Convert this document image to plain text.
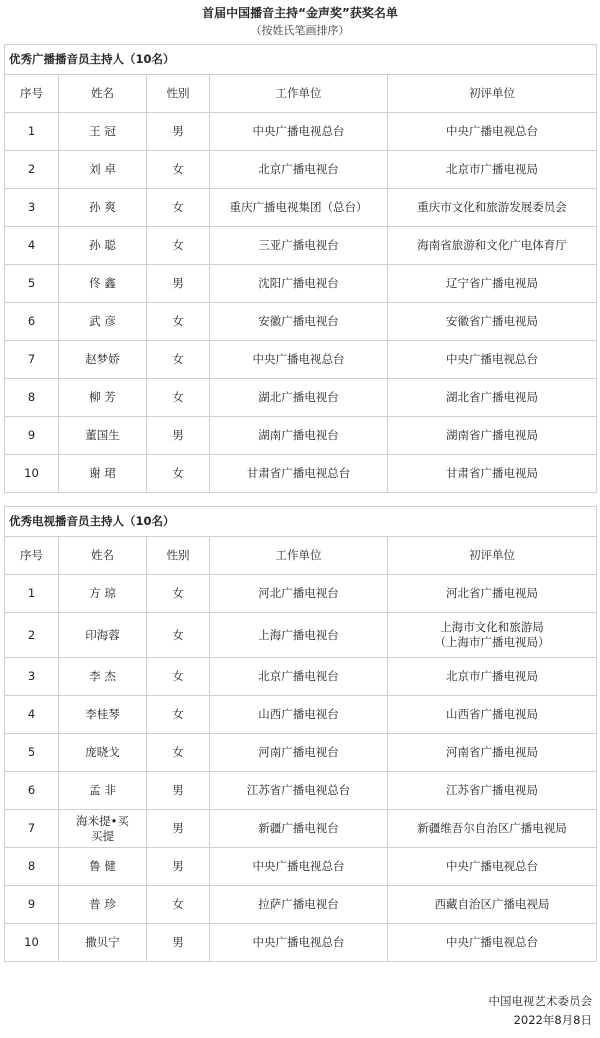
首届中国播音主持“金声奖”获奖名单
（按姓氏笔画排序）
优秀广播播音员主持人（10名）				
序号	姓名	性别	工作单位	初评单位
1	王 冠	男	中央广播电视总台	中央广播电视总台
2	刘 卓	女	北京广播电视台	北京市广播电视局
3	孙 爽	女	重庆广播电视集团（总台）	重庆市文化和旅游发展委员会
4	孙 聪	女	三亚广播电视台	海南省旅游和文化广电体育厅
5	佟 鑫	男	沈阳广播电视台	辽宁省广播电视局
6	武 彦	女	安徽广播电视台	安徽省广播电视局
7	赵梦娇	女	中央广播电视总台	中央广播电视总台
8	柳 芳	女	湖北广播电视台	湖北省广播电视局
9	董国生	男	湖南广播电视台	湖南省广播电视局
10	谢 珺	女	甘肃省广播电视总台	甘肃省广播电视局
优秀电视播音员主持人（10名）				
序号	姓名	性别	工作单位	初评单位
1	方 琼	女	河北广播电视台	河北省广播电视局
2	印海蓉	女	上海广播电视台	上海市文化和旅游局
（上海市广播电视局）
3	李 杰	女	北京广播电视台	北京市广播电视局
4	李桂琴	女	山西广播电视台	山西省广播电视局
5	庞晓戈	女	河南广播电视台	河南省广播电视局
6	孟 非	男	江苏省广播电视总台	江苏省广播电视局
7	海米提•买
买提	男	新疆广播电视台	新疆维吾尔自治区广播电视局
8	鲁 健	男	中央广播电视总台	中央广播电视总台
9	普 珍	女	拉萨广播电视台	西藏自治区广播电视局
10	撒贝宁	男	中央广播电视总台	中央广播电视总台
中国电视艺术委员会
2022年8月8日
